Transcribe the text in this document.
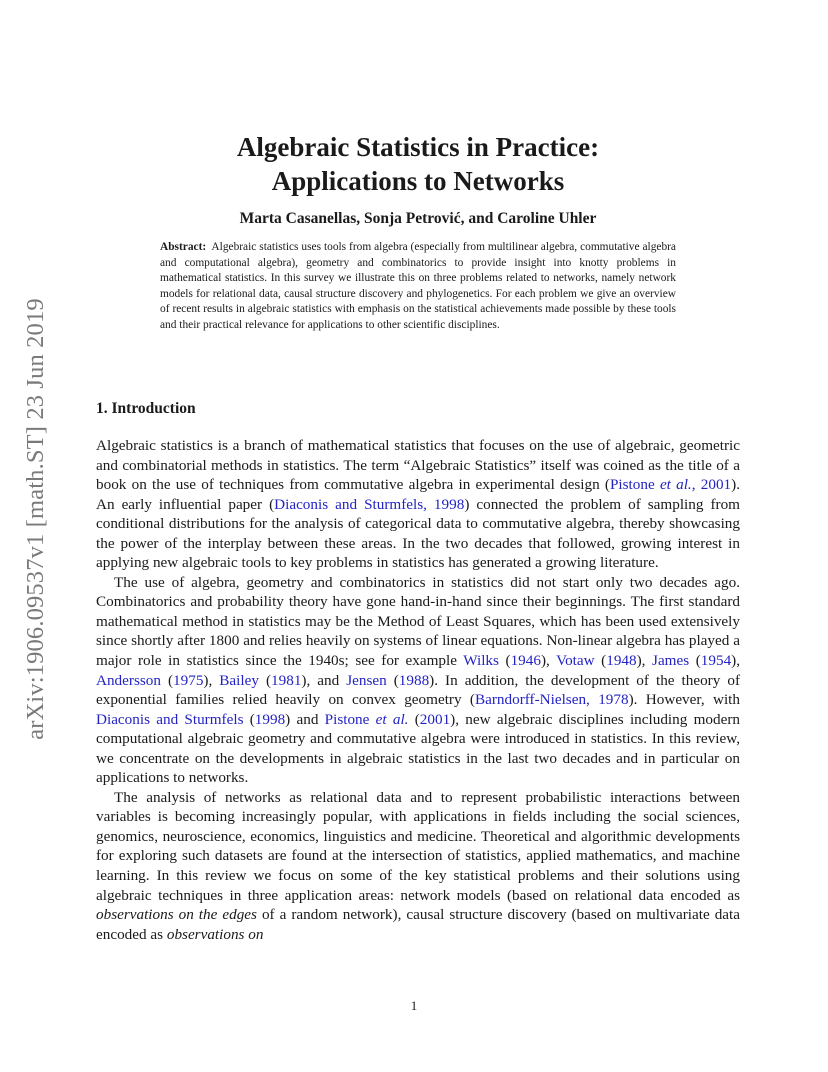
arXiv:1906.09537v1 [math.ST] 23 Jun 2019
Algebraic Statistics in Practice:
Applications to Networks
Marta Casanellas, Sonja Petrović, and Caroline Uhler

Abstract: Algebraic statistics uses tools from algebra (especially from multilinear algebra, commutative algebra and computational algebra), geometry and combinatorics to provide insight into knotty problems in mathematical statistics. In this survey we illustrate this on three problems related to networks, namely network models for relational data, causal structure discovery and phylogenetics. For each problem we give an overview of recent results in algebraic statistics with emphasis on the statistical achievements made possible by these tools and their practical relevance for applications to other scientific disciplines.

1. Introduction

Algebraic statistics is a branch of mathematical statistics that focuses on the use of algebraic, geometric and combinatorial methods in statistics. The term “Algebraic Statistics” itself was coined as the title of a book on the use of techniques from commutative algebra in experimental design (Pistone et al., 2001). An early influential paper (Diaconis and Sturmfels, 1998) connected the problem of sampling from conditional distributions for the analysis of categorical data to commutative algebra, thereby showcasing the power of the interplay between these areas. In the two decades that followed, growing interest in applying new algebraic tools to key problems in statistics has generated a growing literature.

The use of algebra, geometry and combinatorics in statistics did not start only two decades ago. Combinatorics and probability theory have gone hand-in-hand since their beginnings. The first standard mathematical method in statistics may be the Method of Least Squares, which has been used extensively since shortly after 1800 and relies heavily on systems of linear equations. Non-linear algebra has played a major role in statistics since the 1940s; see for example Wilks (1946), Votaw (1948), James (1954), Andersson (1975), Bailey (1981), and Jensen (1988). In addition, the development of the theory of exponential families relied heavily on convex geometry (Barndorff-Nielsen, 1978). However, with Diaconis and Sturmfels (1998) and Pistone et al. (2001), new algebraic disciplines including modern computational algebraic geometry and commutative algebra were introduced in statistics. In this review, we concentrate on the developments in algebraic statistics in the last two decades and in particular on applications to networks.

The analysis of networks as relational data and to represent probabilistic interactions between variables is becoming increasingly popular, with applications in fields including the social sciences, genomics, neuroscience, economics, linguistics and medicine. Theoretical and algorithmic developments for exploring such datasets are found at the intersection of statistics, applied mathematics, and machine learning. In this review we focus on some of the key statistical problems and their solutions using algebraic techniques in three application areas: network models (based on relational data encoded as observations on the edges of a random network), causal structure discovery (based on multivariate data encoded as observations on

1
